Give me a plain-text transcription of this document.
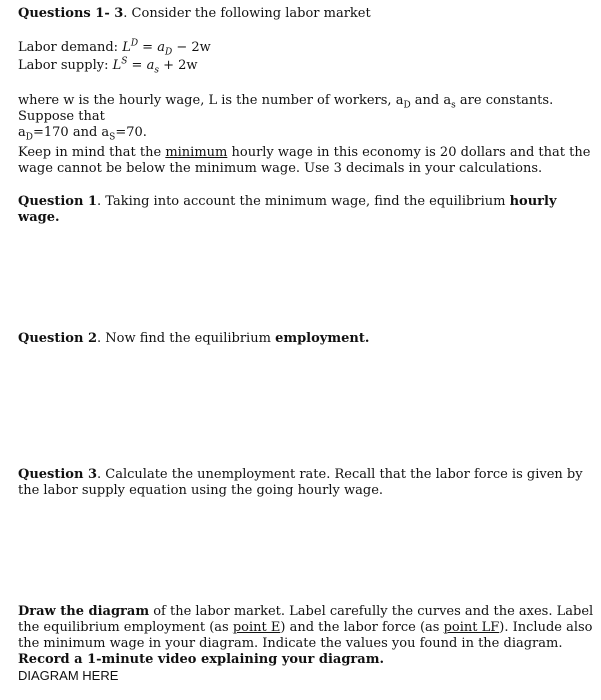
Questions 1- 3. Consider the following labor market
Labor demand: $L^D = a_D - 2w$
Labor supply: $L^S = a_s + 2w$
where w is the hourly wage, L is the number of workers, $a_D$ and $a_s$ are constants. Suppose that
$a_D=170$ and $a_S=70$.
Keep in mind that the minimum hourly wage in this economy is 20 dollars and that the wage cannot be below the minimum wage. Use 3 decimals in your calculations.
Question 1. Taking into account the minimum wage, find the equilibrium hourly wage.
Question 2. Now find the equilibrium employment.
Question 3. Calculate the unemployment rate. Recall that the labor force is given by the labor supply equation using the going hourly wage.
Draw the diagram of the labor market. Label carefully the curves and the axes. Label the equilibrium employment (as point E) and the labor force (as point LF). Include also the minimum wage in your diagram. Indicate the values you found in the diagram. Record a 1-minute video explaining your diagram.
DIAGRAM HERE
